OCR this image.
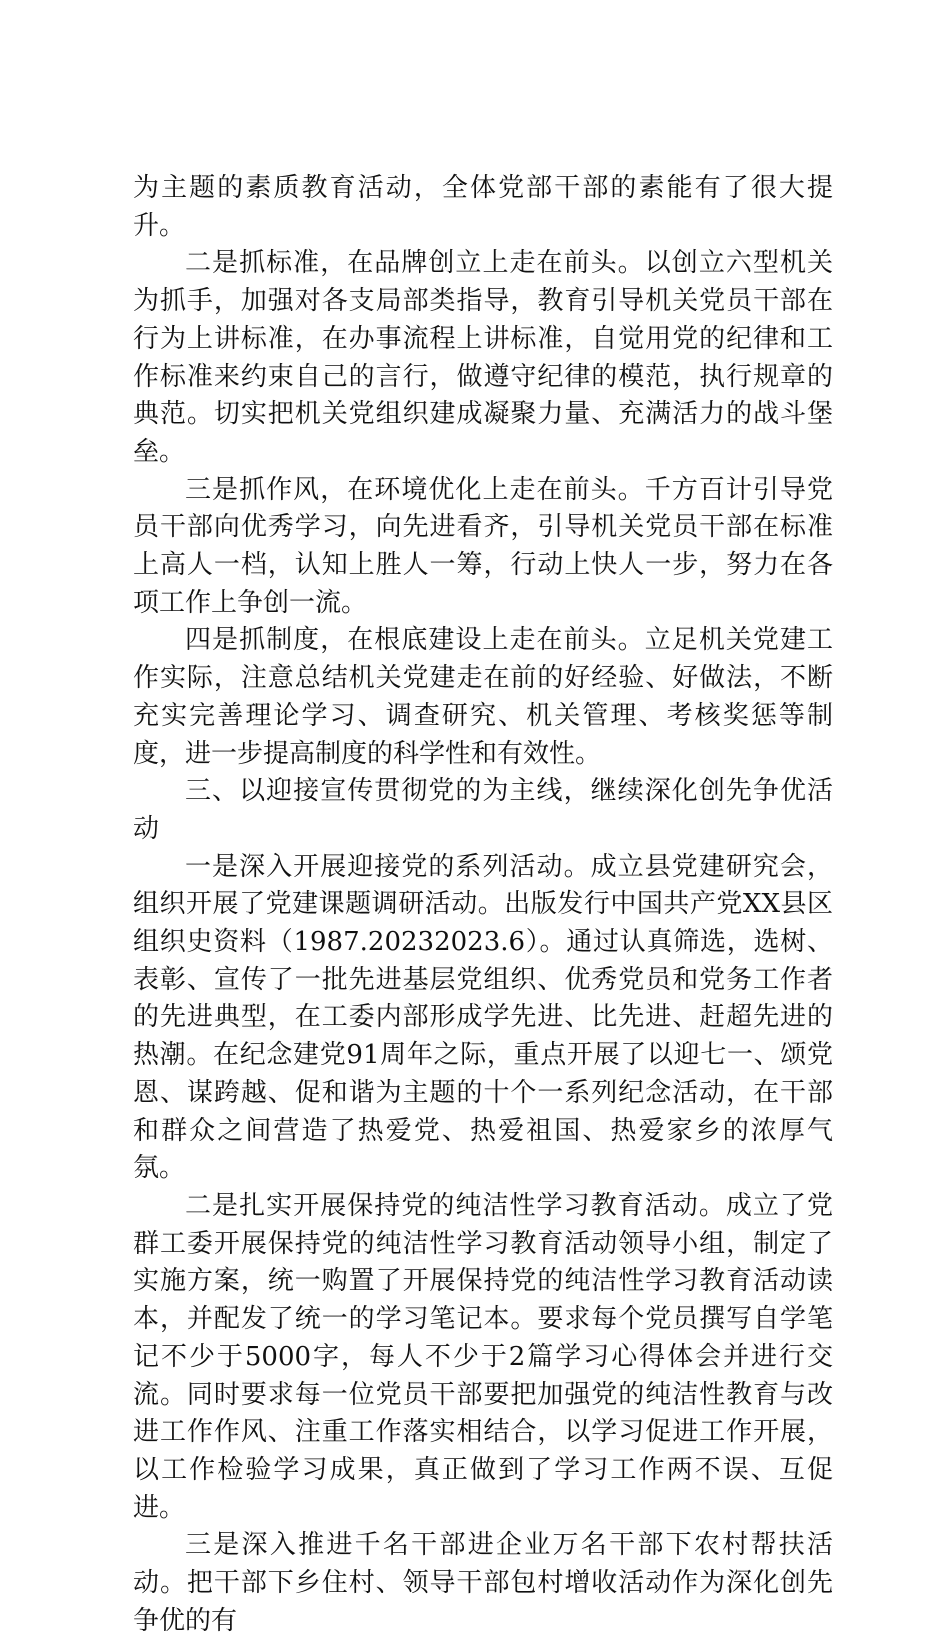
为主题的素质教育活动，全体党部干部的素能有了很大提升。

二是抓标准，在品牌创立上走在前头。以创立六型机关为抓手，加强对各支局部类指导，教育引导机关党员干部在行为上讲标准，在办事流程上讲标准，自觉用党的纪律和工作标准来约束自己的言行，做遵守纪律的模范，执行规章的典范。切实把机关党组织建成凝聚力量、充满活力的战斗堡垒。

三是抓作风，在环境优化上走在前头。千方百计引导党员干部向优秀学习，向先进看齐，引导机关党员干部在标准上高人一档，认知上胜人一筹，行动上快人一步，努力在各项工作上争创一流。

四是抓制度，在根底建设上走在前头。立足机关党建工作实际，注意总结机关党建走在前的好经验、好做法，不断充实完善理论学习、调查研究、机关管理、考核奖惩等制度，进一步提高制度的科学性和有效性。

三、以迎接宣传贯彻党的为主线，继续深化创先争优活动

一是深入开展迎接党的系列活动。成立县党建研究会，组织开展了党建课题调研活动。出版发行中国共产党XX县区组织史资料（1987.20232023.6）。通过认真筛选，选树、表彰、宣传了一批先进基层党组织、优秀党员和党务工作者的先进典型，在工委内部形成学先进、比先进、赶超先进的热潮。在纪念建党91周年之际，重点开展了以迎七一、颂党恩、谋跨越、促和谐为主题的十个一系列纪念活动，在干部和群众之间营造了热爱党、热爱祖国、热爱家乡的浓厚气氛。

二是扎实开展保持党的纯洁性学习教育活动。成立了党群工委开展保持党的纯洁性学习教育活动领导小组，制定了实施方案，统一购置了开展保持党的纯洁性学习教育活动读本，并配发了统一的学习笔记本。要求每个党员撰写自学笔记不少于5000字，每人不少于2篇学习心得体会并进行交流。同时要求每一位党员干部要把加强党的纯洁性教育与改进工作作风、注重工作落实相结合，以学习促进工作开展，以工作检验学习成果，真正做到了学习工作两不误、互促进。

三是深入推进千名干部进企业万名干部下农村帮扶活动。把干部下乡住村、领导干部包村增收活动作为深化创先争优的有
